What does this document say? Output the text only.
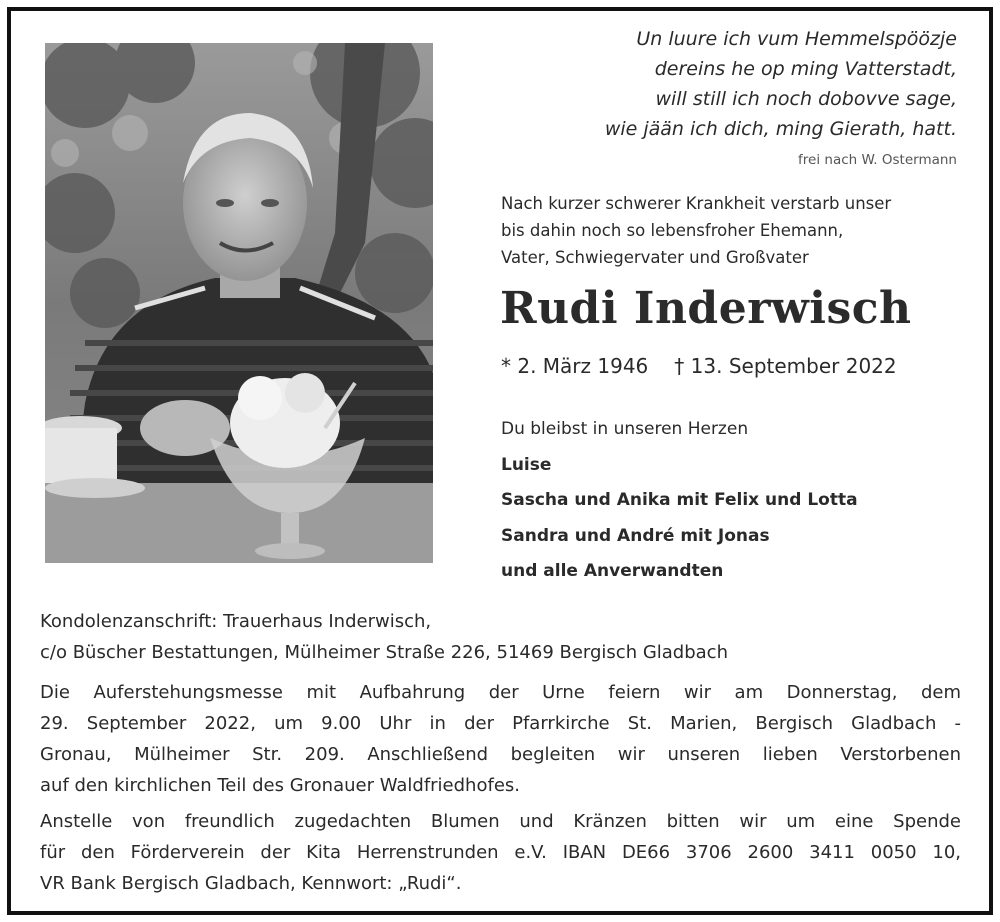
Un luure ich vum Hemmelspöözje
dereins he op ming Vatterstadt,
will still ich noch dobovve sage,
wie jään ich dich, ming Gierath, hatt.
frei nach W. Ostermann
Nach kurzer schwerer Krankheit verstarb unser
bis dahin noch so lebensfroher Ehemann,
Vater, Schwiegervater und Großvater
Rudi Inderwisch
* 2. März 1946 † 13. September 2022
Du bleibst in unseren Herzen
Luise
Sascha und Anika mit Felix und Lotta
Sandra und André mit Jonas
und alle Anverwandten
Kondolenzanschrift: Trauerhaus Inderwisch,
c/o Büscher Bestattungen, Mülheimer Straße 226, 51469 Bergisch Gladbach
Die Auferstehungsmesse mit Aufbahrung der Urne feiern wir am Donnerstag, dem
29. September 2022, um 9.00 Uhr in der Pfarrkirche St. Marien, Bergisch Gladbach -
Gronau, Mülheimer Str. 209. Anschließend begleiten wir unseren lieben Verstorbenen
auf den kirchlichen Teil des Gronauer Waldfriedhofes.
Anstelle von freundlich zugedachten Blumen und Kränzen bitten wir um eine Spende
für den Förderverein der Kita Herrenstrunden e.V. IBAN DE66 3706 2600 3411 0050 10,
VR Bank Bergisch Gladbach, Kennwort: „Rudi“.
